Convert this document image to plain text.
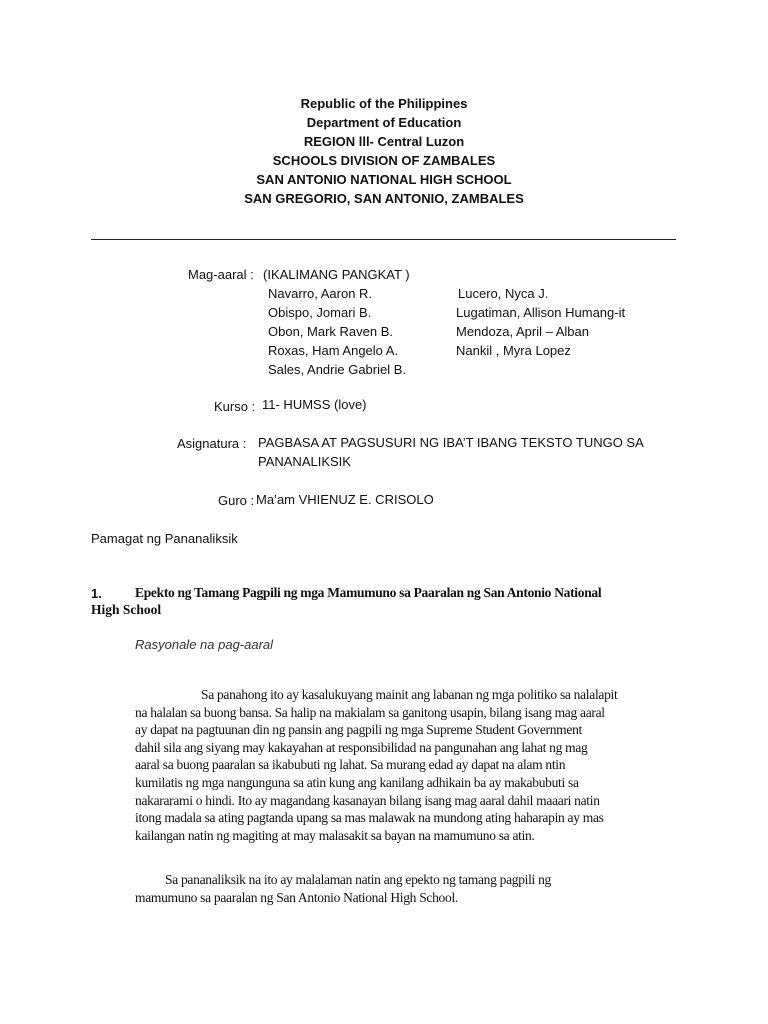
Republic of the Philippines
Department of Education
REGION lll- Central Luzon
SCHOOLS DIVISION OF ZAMBALES
SAN ANTONIO NATIONAL HIGH SCHOOL
SAN GREGORIO, SAN ANTONIO, ZAMBALES
Mag-aaral : (IKALIMANG PANGKAT )
Navarro, Aaron R.
Obispo, Jomari B.
Obon, Mark Raven B.
Roxas, Ham Angelo A.
Sales, Andrie Gabriel B.
Lucero, Nyca J.
Lugatiman, Allison Humang-it
Mendoza, April – Alban
Nankil , Myra Lopez
Kurso : 11- HUMSS (love)
Asignatura : PAGBASA AT PAGSUSURI NG IBA’T IBANG TEKSTO TUNGO SA
PANANALIKSIK
Guro : Ma’am VHIENUZ E. CRISOLO
Pamagat ng Pananaliksik
1. Epekto ng Tamang Pagpili ng mga Mamumuno sa Paaralan ng San Antonio National
High School
Rasyonale na pag-aaral
Sa panahong ito ay kasalukuyang mainit ang labanan ng mga politiko sa nalalapit
na halalan sa buong bansa. Sa halip na makialam sa ganitong usapin, bilang isang mag aaral
ay dapat na pagtuunan din ng pansin ang pagpili ng mga Supreme Student Government
dahil sila ang siyang may kakayahan at responsibilidad na pangunahan ang lahat ng mag
aaral sa buong paaralan sa ikabubuti ng lahat. Sa murang edad ay dapat na alam ntin
kumilatis ng mga nangunguna sa atin kung ang kanilang adhikain ba ay makabubuti sa
nakararami o hindi. Ito ay magandang kasanayan bilang isang mag aaral dahil maaari natin
itong madala sa ating pagtanda upang sa mas malawak na mundong ating haharapin ay mas
kailangan natin ng magiting at may malasakit sa bayan na mamumuno sa atin.
Sa pananaliksik na ito ay malalaman natin ang epekto ng tamang pagpili ng
mamumuno sa paaralan ng San Antonio National High School.
